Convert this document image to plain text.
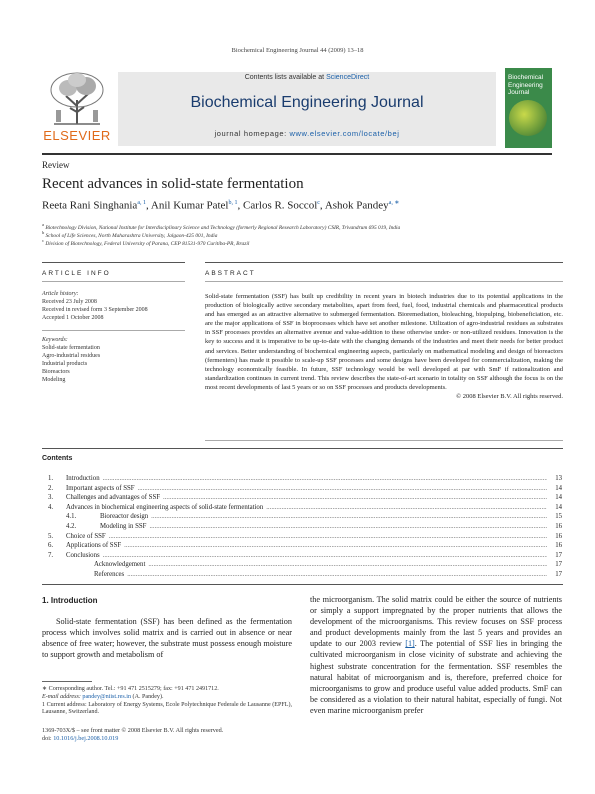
Biochemical Engineering Journal 44 (2009) 13–18
ELSEVIER
Contents lists available at ScienceDirect
Biochemical Engineering Journal
journal homepage: www.elsevier.com/locate/bej
Biochemical Engineering Journal
Review
Recent advances in solid-state fermentation
Reeta Rani Singhania$^{a, 1}$, Anil Kumar Patel$^{b, 1}$, Carlos R. Soccol$^c$, Ashok Pandey$^{a, ∗}$
$^a$ Biotechnology Division, National Institute for Interdisciplinary Science and Technology (formerly Regional Research Laboratory) CSIR, Trivandrum 695 019, India
$^b$ School of Life Sciences, North Maharashtra University, Jalgaon-425 001, India
$^c$ Division of Biotechnology, Federal University of Parana, CEP 81531-970 Curitiba-PR, Brazil
ARTICLE INFO
Article history:
Received 23 July 2008
Received in revised form 3 September 2008
Accepted 1 October 2008
Keywords:
Solid-state fermentation
Agro-industrial residues
Industrial products
Bioreactors
Modeling
ABSTRACT
Solid-state fermentation (SSF) has built up credibility in recent years in biotech industries due to its potential applications in the production of biologically active secondary metabolites, apart from feed, fuel, food, industrial chemicals and pharmaceutical products and has emerged as an attractive alternative to submerged fermentation. Bioremediation, bioleaching, biopulping, biobeneficiation, etc. are the major applications of SSF in bioprocesses which have set another milestone. Utilization of agro-industrial residues as substrates in SSF processes provides an alternative avenue and value-addition to these otherwise under- or non-utilized residues. Innovation is the key to success and it is imperative to be up-to-date with the changing demands of the industries and meet their needs for better product and services. Better understanding of biochemical engineering aspects, particularly on mathematical modeling and design of bioreactors (fermenters) has made it possible to scale-up SSF processes and some designs have been developed for commercialization, making the technology economically feasible. In future, SSF technology would be well developed at par with SmF if rationalization and standardization continues in current trend. This review describes the state-of-art scenario in totality on SSF although the focus is on the most recent developments of last 5 years or so on SSF processes and products developments.
© 2008 Elsevier B.V. All rights reserved.
Contents
1.	Introduction .....	13
2.	Important aspects of SSF .....	14
3.	Challenges and advantages of SSF .....	14
4.	Advances in biochemical engineering aspects of solid-state fermentation .....	14
4.1.	Bioreactor design .....	15
4.2.	Modeling in SSF .....	16
5.	Choice of SSF .....	16
6.	Applications of SSF .....	16
7.	Conclusions .....	17
Acknowledgement .....	17
References .....	17
1. Introduction
Solid-state fermentation (SSF) has been defined as the fermentation process which involves solid matrix and is carried out in absence or near absence of free water; however, the substrate must possess enough moisture to support growth and metabolism of
the microorganism. The solid matrix could be either the source of nutrients or simply a support impregnated by the proper nutrients that allows the development of the microorganisms. This review focuses on SSF process and product developments mainly from the last 5 years and provides an update to our 2003 review [1]. The potential of SSF lies in bringing the cultivated microorganism in close vicinity of substrate and achieving the highest substrate concentration for the fermentation. SSF resembles the natural habitat of microorganism and is, therefore, preferred choice for microorganisms to grow and produce useful value added products. SmF can be considered as a violation to their natural habitat, especially of fungi. Not even marine microorganism prefer
∗ Corresponding author. Tel.: +91 471 2515279; fax: +91 471 2491712.
E-mail address: pandey@niist.res.in (A. Pandey).
1 Current address: Laboratory of Energy Systems, Ecole Polytechnique Federale de Lausanne (EPFL), Lausanne, Switzerland.
1369-703X/$ – see front matter © 2008 Elsevier B.V. All rights reserved.
doi: 10.1016/j.bej.2008.10.019
